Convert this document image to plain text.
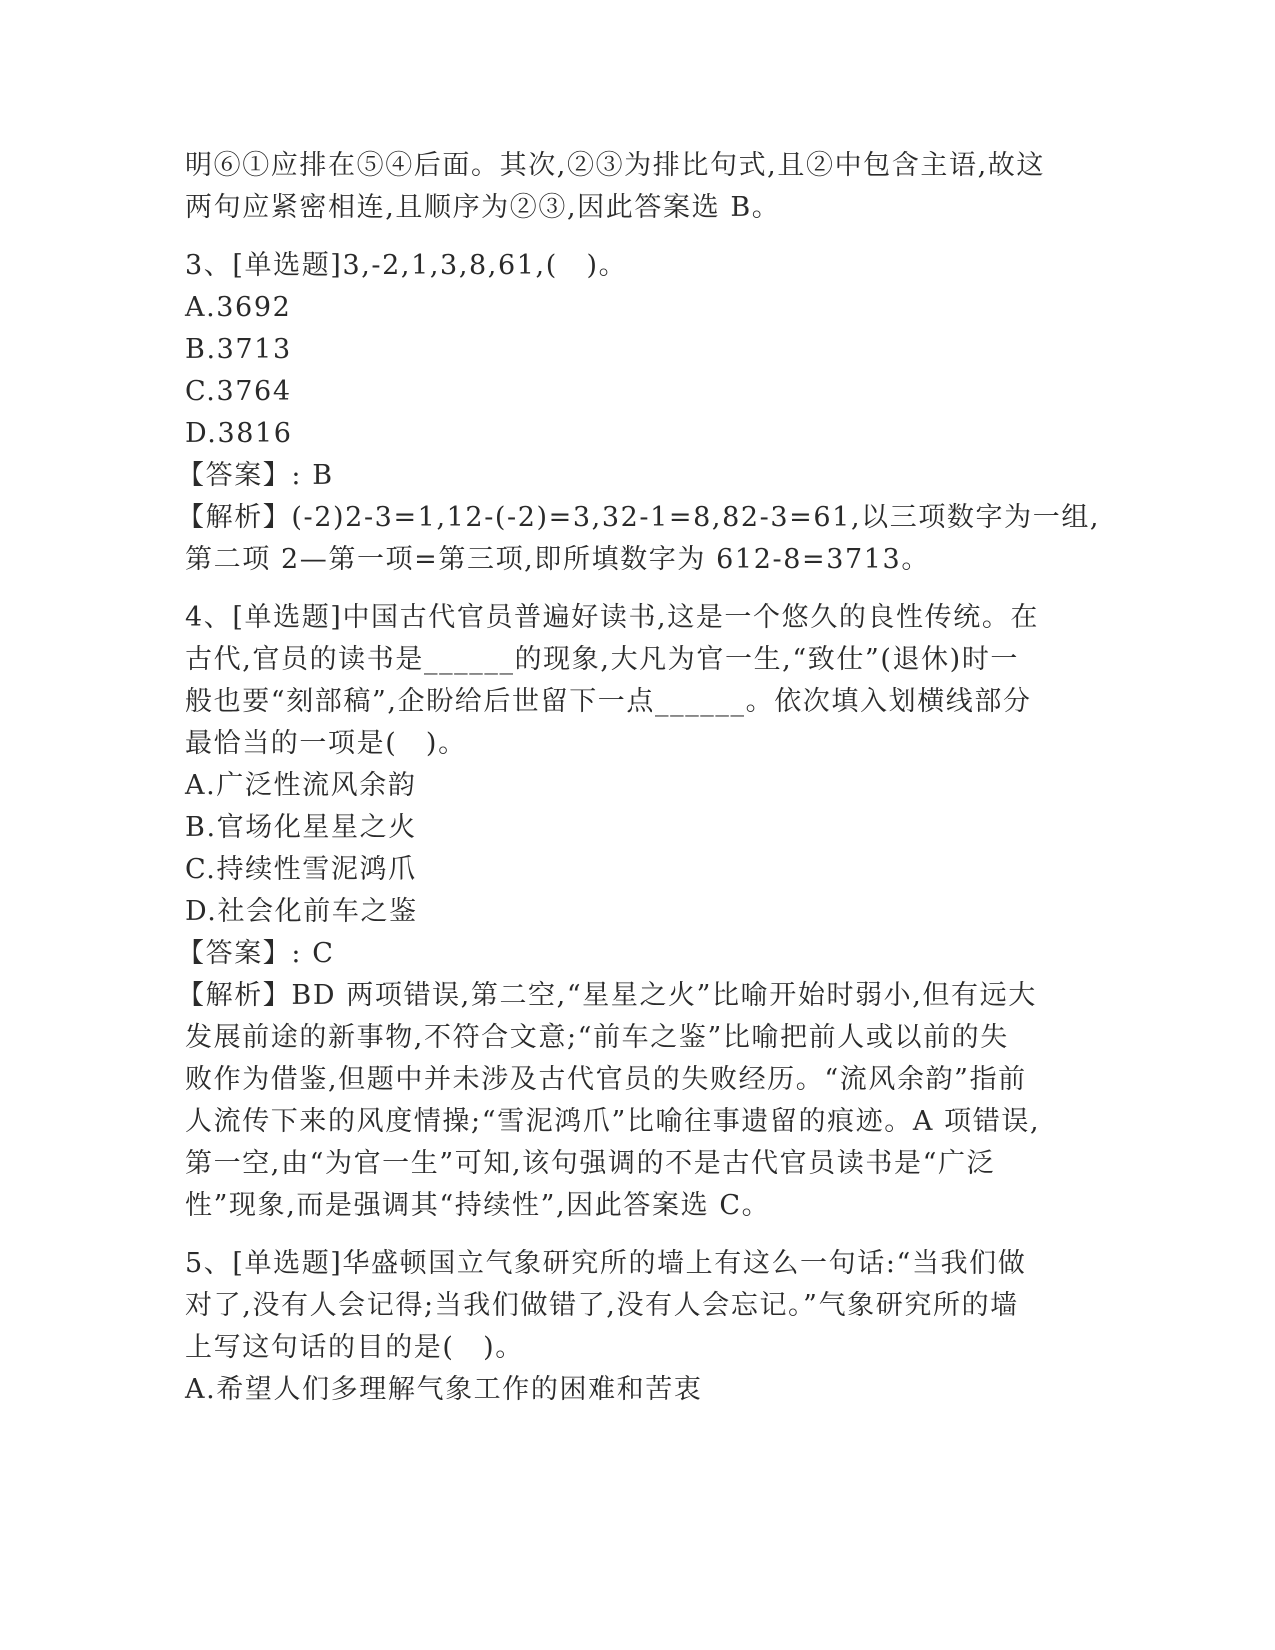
明⑥①应排在⑤④后面。其次,②③为排比句式,且②中包含主语,故这
两句应紧密相连,且顺序为②③,因此答案选 B。
3、[单选题]3,-2,1,3,8,61,(　)。
A.3692
B.3713
C.3764
D.3816
【答案】: B
【解析】(-2)2-3=1,12-(-2)=3,32-1=8,82-3=61,以三项数字为一组,
第二项 2—第一项=第三项,即所填数字为 612-8=3713。
4、[单选题]中国古代官员普遍好读书,这是一个悠久的良性传统。在
古代,官员的读书是______的现象,大凡为官一生,“致仕”(退休)时一
般也要“刻部稿”,企盼给后世留下一点______。依次填入划横线部分
最恰当的一项是(　)。
A.广泛性流风余韵
B.官场化星星之火
C.持续性雪泥鸿爪
D.社会化前车之鉴
【答案】: C
【解析】BD 两项错误,第二空,“星星之火”比喻开始时弱小,但有远大
发展前途的新事物,不符合文意;“前车之鉴”比喻把前人或以前的失
败作为借鉴,但题中并未涉及古代官员的失败经历。“流风余韵”指前
人流传下来的风度情操;“雪泥鸿爪”比喻往事遗留的痕迹。A 项错误,
第一空,由“为官一生”可知,该句强调的不是古代官员读书是“广泛
性”现象,而是强调其“持续性”,因此答案选 C。
5、[单选题]华盛顿国立气象研究所的墙上有这么一句话:“当我们做
对了,没有人会记得;当我们做错了,没有人会忘记。”气象研究所的墙
上写这句话的目的是(　)。
A.希望人们多理解气象工作的困难和苦衷
